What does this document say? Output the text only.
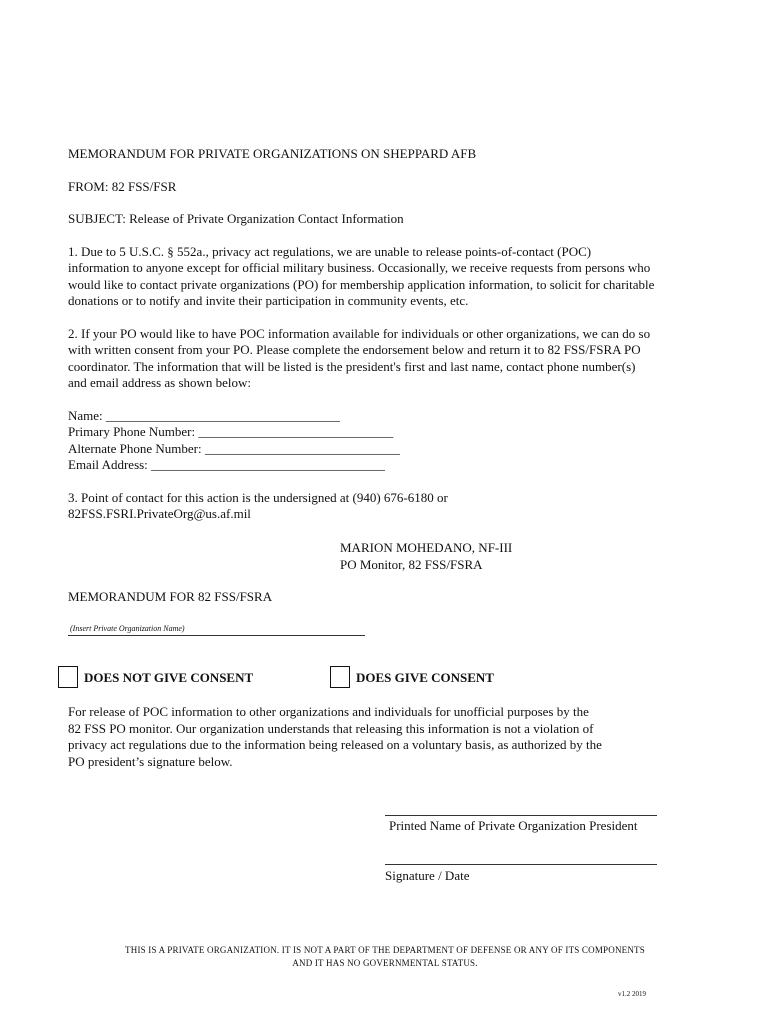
MEMORANDUM FOR PRIVATE ORGANIZATIONS ON SHEPPARD AFB
FROM: 82 FSS/FSR
SUBJECT: Release of Private Organization Contact Information
1. Due to 5 U.S.C. § 552a., privacy act regulations, we are unable to release points-of-contact (POC)
information to anyone except for official military business. Occasionally, we receive requests from persons who
would like to contact private organizations (PO) for membership application information, to solicit for charitable
donations or to notify and invite their participation in community events, etc.
2. If your PO would like to have POC information available for individuals or other organizations, we can do so
with written consent from your PO. Please complete the endorsement below and return it to 82 FSS/FSRA PO
coordinator. The information that will be listed is the president's first and last name, contact phone number(s)
and email address as shown below:
Name: ____________________________________
Primary Phone Number: ______________________________
Alternate Phone Number: ______________________________
Email Address: ____________________________________
3. Point of contact for this action is the undersigned at (940) 676-6180 or
82FSS.FSRI.PrivateOrg@us.af.mil
MARION MOHEDANO, NF-III
PO Monitor, 82 FSS/FSRA
MEMORANDUM FOR 82 FSS/FSRA
(Insert Private Organization Name)
DOES NOT GIVE CONSENT	DOES GIVE CONSENT
For release of POC information to other organizations and individuals for unofficial purposes by the
82 FSS PO monitor. Our organization understands that releasing this information is not a violation of
privacy act regulations due to the information being released on a voluntary basis, as authorized by the
PO president’s signature below.
Printed Name of Private Organization President
Signature / Date
THIS IS A PRIVATE ORGANIZATION. IT IS NOT A PART OF THE DEPARTMENT OF DEFENSE OR ANY OF ITS COMPONENTS
AND IT HAS NO GOVERNMENTAL STATUS.
v1.2 2019
